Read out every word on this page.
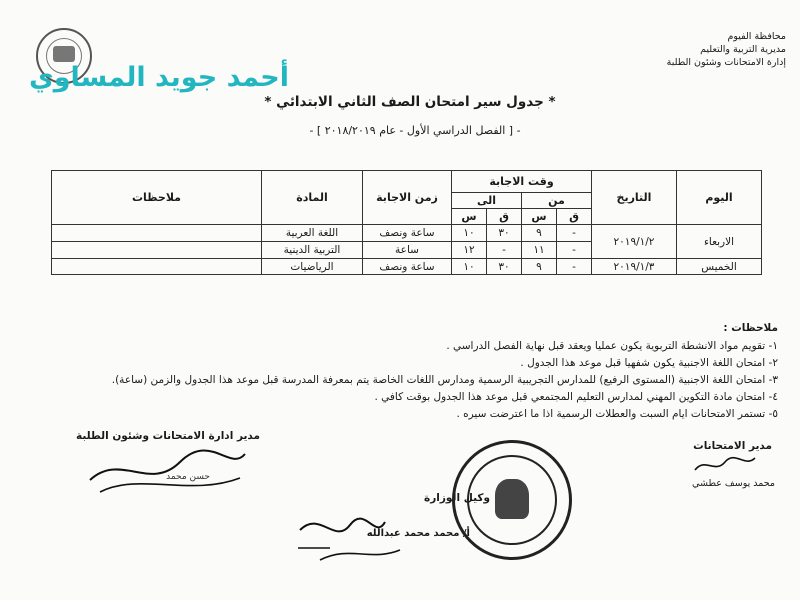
محافظة الفيوم
مديرية التربية والتعليم
إدارة الامتحانات وشئون الطلبة
أحمد جويد المساوي
* جدول سير امتحان الصف الثاني الابتدائي *
- [ الفصل الدراسي الأول - عام ٢٠١٨/٢٠١٩ ] -
اليوم	التاريخ	وقت الاجابة				زمن الاجابة	المادة	ملاحظات
		من		الى				
		ق	س	ق	س			
الاربعاء	٢٠١٩/١/٢	-	٩	٣٠	١٠	ساعة ونصف	اللغة العربية	
		-	١١	-	١٢	ساعة	التربية الدينية	
الخميس	٢٠١٩/١/٣	-	٩	٣٠	١٠	ساعة ونصف	الرياضيات	
ملاحظات :
١- تقويم مواد الانشطة التربوية يكون عمليا ويعقد قبل نهاية الفصل الدراسي .
٢- امتحان اللغة الاجنبية يكون شفهيا قبل موعد هذا الجدول .
٣- امتحان اللغة الاجنبية (المستوى الرفيع) للمدارس التجريبية الرسمية ومدارس اللغات الخاصة يتم بمعرفة المدرسة قبل موعد هذا الجدول والزمن (ساعة).
٤- امتحان مادة التكوين المهني لمدارس التعليم المجتمعي قبل موعد هذا الجدول بوقت كافي .
٥- تستمر الامتحانات ايام السبت والعطلات الرسمية اذا ما اعترضت سيره .
مدير ادارة الامتحانات وشئون الطلبة
حسن محمد
مدير الامتحانات
محمد يوسف عطشي
وكيل الوزارة
أ/ محمد محمد عبدالله
